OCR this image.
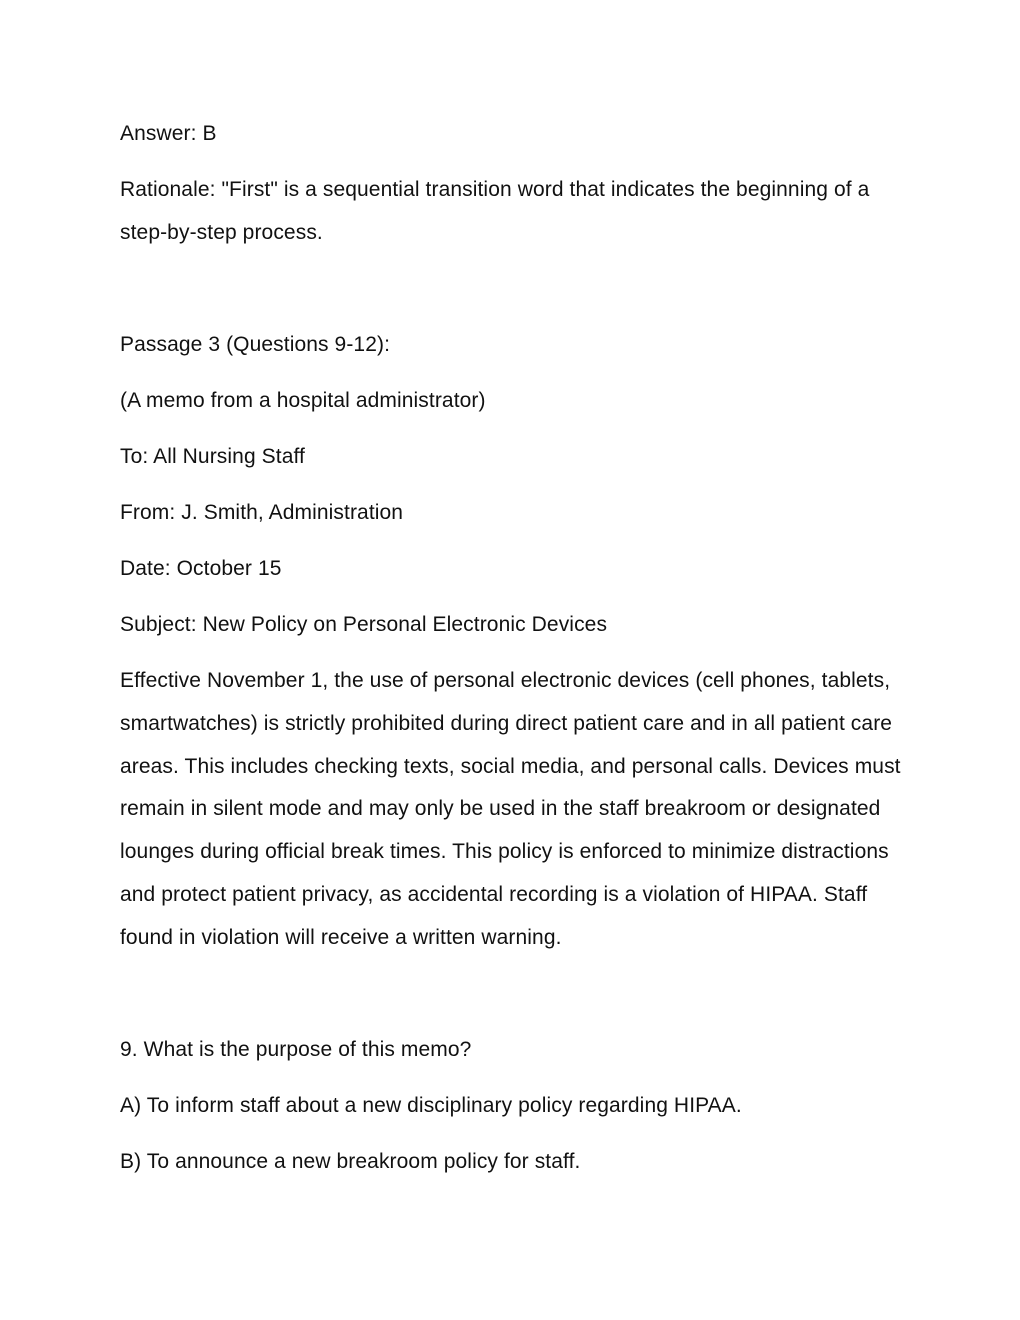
Answer: B
Rationale: "First" is a sequential transition word that indicates the beginning of a step-by-step process.
Passage 3 (Questions 9-12):
(A memo from a hospital administrator)
To: All Nursing Staff
From: J. Smith, Administration
Date: October 15
Subject: New Policy on Personal Electronic Devices
Effective November 1, the use of personal electronic devices (cell phones, tablets, smartwatches) is strictly prohibited during direct patient care and in all patient care areas. This includes checking texts, social media, and personal calls. Devices must remain in silent mode and may only be used in the staff breakroom or designated lounges during official break times. This policy is enforced to minimize distractions and protect patient privacy, as accidental recording is a violation of HIPAA. Staff found in violation will receive a written warning.
9. What is the purpose of this memo?
A) To inform staff about a new disciplinary policy regarding HIPAA.
B) To announce a new breakroom policy for staff.
